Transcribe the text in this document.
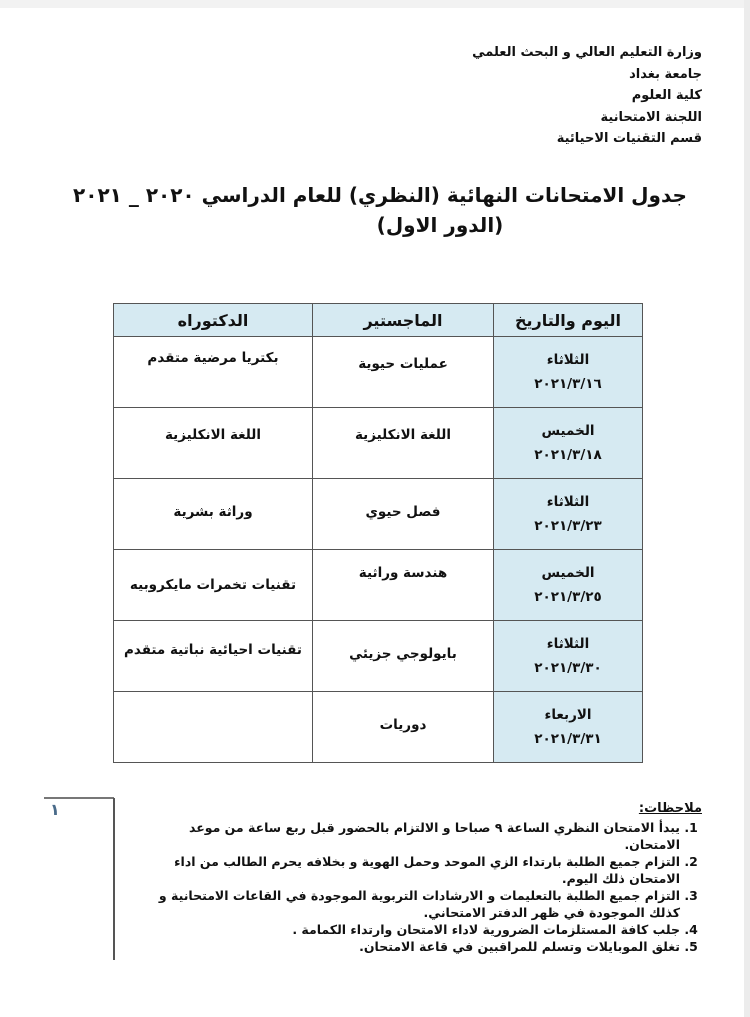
وزارة التعليم العالي و البحث العلمي
جامعة بغداد
كلية العلوم
اللجنة الامتحانية
قسم التقنيات الاحيائية
جدول الامتحانات النهائية (النظري) للعام الدراسي ٢٠٢٠ _ ٢٠٢١

(الدور الاول)
اليوم والتاريخ	الماجستير	الدكتوراه
الثلاثاء
٢٠٢١/٣/١٦	عمليات حيوية	بكتريا مرضية متقدم

الخميس
٢٠٢١/٣/١٨	اللغة الانكليزية	اللغة الانكليزية

الثلاثاء
٢٠٢١/٣/٢٣	فصل حيوي	وراثة بشرية

الخميس
٢٠٢١/٣/٢٥	هندسة وراثية	تقنيات تخمرات مايكروبيه

الثلاثاء
٢٠٢١/٣/٣٠	بايولوجي جزيئي	تقنيات احيائية نباتية متقدم

الاربعاء
٢٠٢١/٣/٣١	دوريات	

١	ملاحظات:
1. يبدأ الامتحان النظري الساعة ٩ صباحا و الالتزام بالحضور قبل ربع ساعة من موعد الامتحان.
2. التزام جميع الطلبة بارتداء الزي الموحد وحمل الهوية و بخلافه يحرم الطالب من اداء الامتحان ذلك اليوم.
3. التزام جميع الطلبة بالتعليمات و الارشادات التربوية الموجودة في القاعات الامتحانية و كذلك الموجودة في ظهر الدفتر الامتحاني.
4. جلب كافة المستلزمات الضرورية لاداء الامتحان وارتداء الكمامة .
5. تغلق الموبايلات وتسلم للمراقبين في قاعة الامتحان.
